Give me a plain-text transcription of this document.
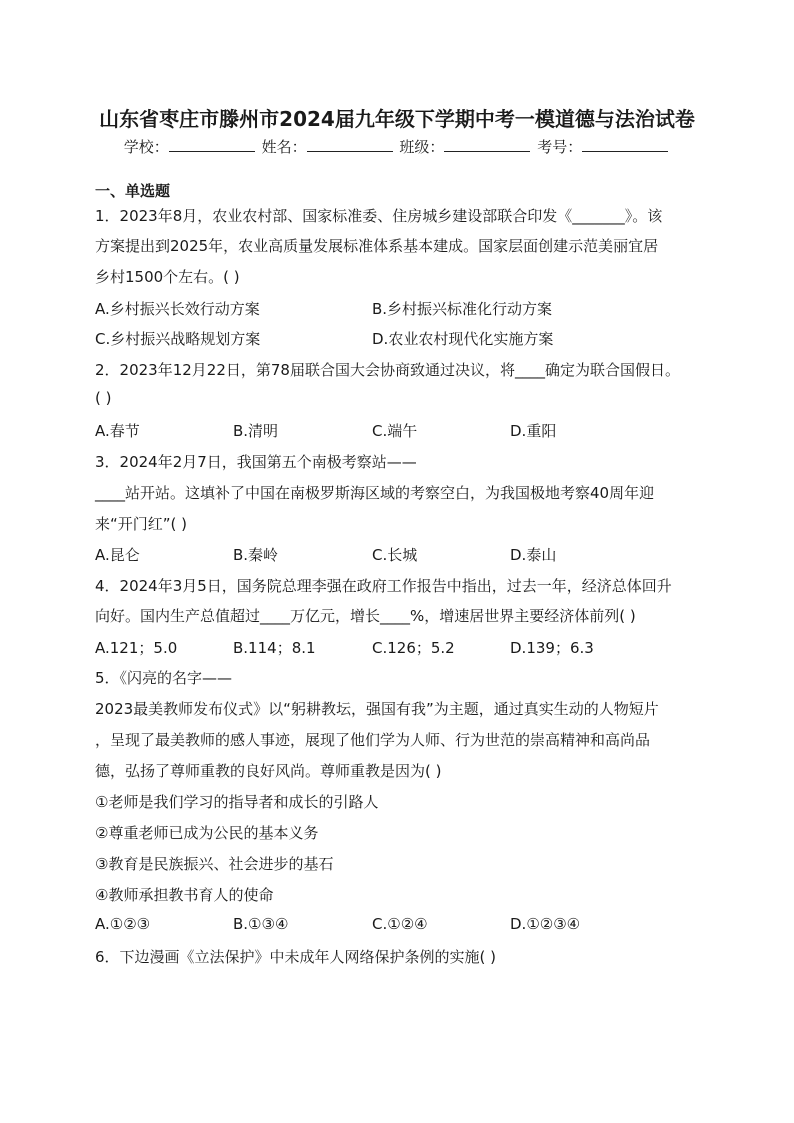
山东省枣庄市滕州市2024届九年级下学期中考一模道德与法治试卷
学校：	姓名：	班级：	考号：
一、单选题
1．2023年8月，农业农村部、国家标准委、住房城乡建设部联合印发《_______》。该
方案提出到2025年，农业高质量发展标准体系基本建成。国家层面创建示范美丽宜居
乡村1500个左右。( )
A.乡村振兴长效行动方案	B.乡村振兴标准化行动方案
C.乡村振兴战略规划方案	D.农业农村现代化实施方案
2．2023年12月22日，第78届联合国大会协商致通过决议，将____确定为联合国假日。
( )
A.春节	B.清明	C.端午	D.重阳
3．2024年2月7日，我国第五个南极考察站——
____站开站。这填补了中国在南极罗斯海区域的考察空白，为我国极地考察40周年迎
来“开门红”( )
A.昆仑	B.秦岭	C.长城	D.泰山
4．2024年3月5日，国务院总理李强在政府工作报告中指出，过去一年，经济总体回升
向好。国内生产总值超过____万亿元，增长____%，增速居世界主要经济体前列( )
A.121；5.0	B.114；8.1	C.126；5.2	D.139；6.3
5．《闪亮的名字——
2023最美教师发布仪式》以“躬耕教坛，强国有我”为主题，通过真实生动的人物短片
，呈现了最美教师的感人事迹，展现了他们学为人师、行为世范的崇高精神和高尚品
德，弘扬了尊师重教的良好风尚。尊师重教是因为( )
①老师是我们学习的指导者和成长的引路人
②尊重老师已成为公民的基本义务
③教育是民族振兴、社会进步的基石
④教师承担教书育人的使命
A.①②③	B.①③④	C.①②④	D.①②③④
6．下边漫画《立法保护》中未成年人网络保护条例的实施( )
